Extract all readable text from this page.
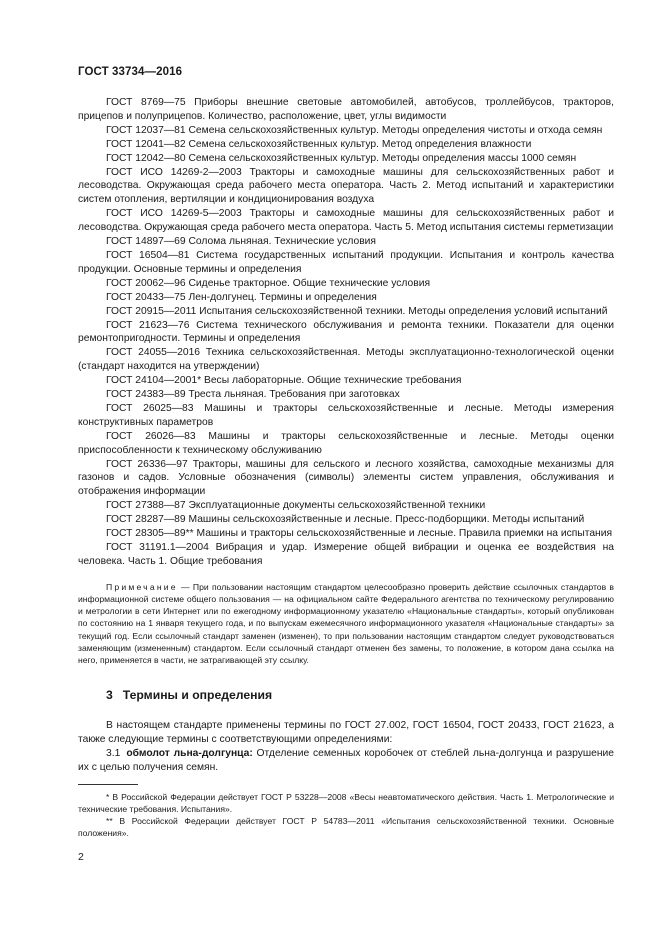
ГОСТ 33734—2016

ГОСТ 8769—75 Приборы внешние световые автомобилей, автобусов, троллейбусов, тракторов, прицепов и полуприцепов. Количество, расположение, цвет, углы видимости

ГОСТ 12037—81 Семена сельскохозяйственных культур. Методы определения чистоты и отхода семян

ГОСТ 12041—82 Семена сельскохозяйственных культур. Метод определения влажности

ГОСТ 12042—80 Семена сельскохозяйственных культур. Методы определения массы 1000 семян

ГОСТ ИСО 14269-2—2003 Тракторы и самоходные машины для сельскохозяйственных работ и лесоводства. Окружающая среда рабочего места оператора. Часть 2. Метод испытаний и характеристики систем отопления, вертиляции и кондиционирования воздуха

ГОСТ ИСО 14269-5—2003 Тракторы и самоходные машины для сельскохозяйственных работ и лесоводства. Окружающая среда рабочего места оператора. Часть 5. Метод испытания системы герметизации

ГОСТ 14897—69 Солома льняная. Технические условия

ГОСТ 16504—81 Система государственных испытаний продукции. Испытания и контроль качества продукции. Основные термины и определения

ГОСТ 20062—96 Сиденье тракторное. Общие технические условия

ГОСТ 20433—75 Лен-долгунец. Термины и определения

ГОСТ 20915—2011 Испытания сельскохозяйственной техники. Методы определения условий испытаний

ГОСТ 21623—76 Система технического обслуживания и ремонта техники. Показатели для оценки ремонтопригодности. Термины и определения

ГОСТ 24055—2016 Техника сельскохозяйственная. Методы эксплуатационно-технологической оценки (стандарт находится на утверждении)

ГОСТ 24104—2001* Весы лабораторные. Общие технические требования

ГОСТ 24383—89 Треста льняная. Требования при заготовках

ГОСТ 26025—83 Машины и тракторы сельскохозяйственные и лесные. Методы измерения конструктивных параметров

ГОСТ 26026—83 Машины и тракторы сельскохозяйственные и лесные. Методы оценки приспособленности к техническому обслуживанию

ГОСТ 26336—97 Тракторы, машины для сельского и лесного хозяйства, самоходные механизмы для газонов и садов. Условные обозначения (символы) элементы систем управления, обслуживания и отображения информации

ГОСТ 27388—87 Эксплуатационные документы сельскохозяйственной техники

ГОСТ 28287—89 Машины сельскохозяйственные и лесные. Пресс-подборщики. Методы испытаний

ГОСТ 28305—89** Машины и тракторы сельскохозяйственные и лесные. Правила приемки на испытания

ГОСТ 31191.1—2004 Вибрация и удар. Измерение общей вибрации и оценка ее воздействия на человека. Часть 1. Общие требования

Примечание — При пользовании настоящим стандартом целесообразно проверить действие ссылочных стандартов в информационной системе общего пользования — на официальном сайте Федерального агентства по техническому регулированию и метрологии в сети Интернет или по ежегодному информационному указателю «Национальные стандарты», который опубликован по состоянию на 1 января текущего года, и по выпускам ежемесячного информационного указателя «Национальные стандарты» за текущий год. Если ссылочный стандарт заменен (изменен), то при пользовании настоящим стандартом следует руководствоваться заменяющим (измененным) стандартом. Если ссылочный стандарт отменен без замены, то положение, в котором дана ссылка на него, применяется в части, не затрагивающей эту ссылку.
3 Термины и определения

В настоящем стандарте применены термины по ГОСТ 27.002, ГОСТ 16504, ГОСТ 20433, ГОСТ 21623, а также следующие термины с соответствующими определениями:

3.1 обмолот льна-долгунца: Отделение семенных коробочек от стеблей льна-долгунца и разрушение их с целью получения семян.

* В Российской Федерации действует ГОСТ Р 53228—2008 «Весы неавтоматического действия. Часть 1. Метрологические и технические требования. Испытания».

** В Российской Федерации действует ГОСТ Р 54783—2011 «Испытания сельскохозяйственной техники. Основные положения».

2
